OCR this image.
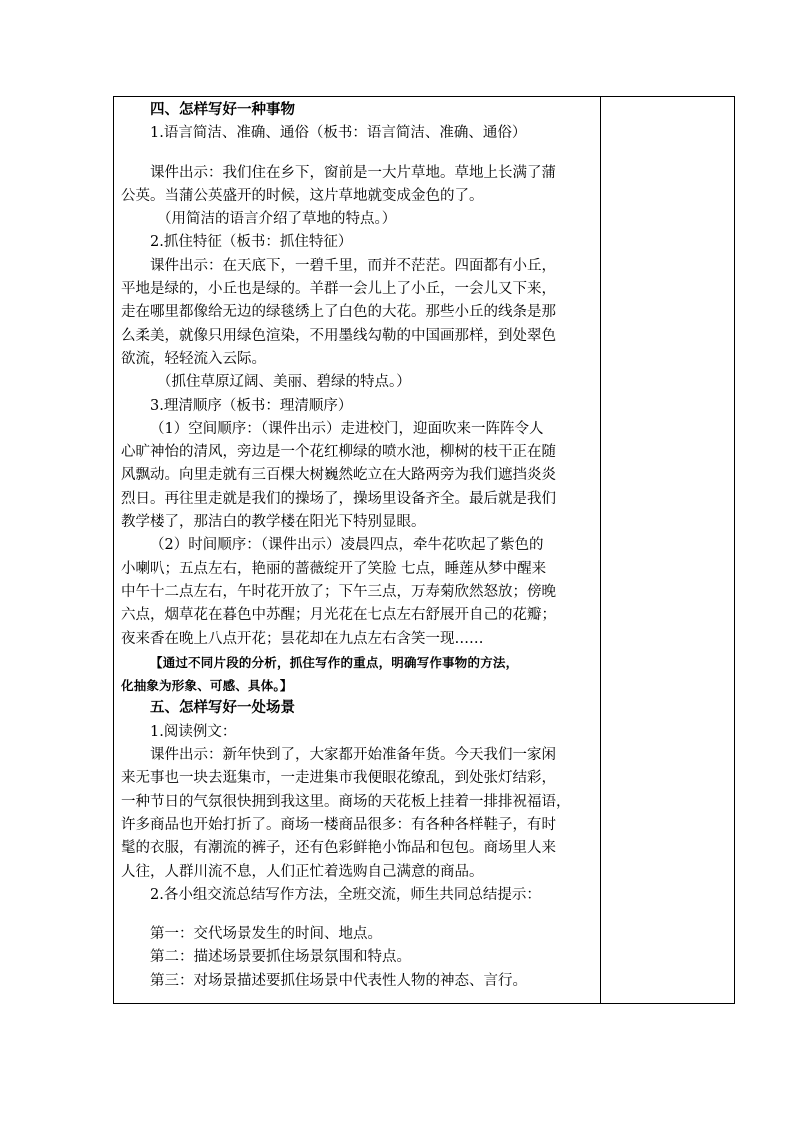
四、怎样写好一种事物
1.语言简洁、准确、通俗（板书：语言简洁、准确、通俗）
课件出示：我们住在乡下，窗前是一大片草地。草地上长满了蒲
公英。当蒲公英盛开的时候，这片草地就变成金色的了。
（用简洁的语言介绍了草地的特点。）
2.抓住特征（板书：抓住特征）
课件出示：在天底下，一碧千里，而并不茫茫。四面都有小丘，
平地是绿的，小丘也是绿的。羊群一会儿上了小丘，一会儿又下来，
走在哪里都像给无边的绿毯绣上了白色的大花。那些小丘的线条是那
么柔美，就像只用绿色渲染，不用墨线勾勒的中国画那样，到处翠色
欲流，轻轻流入云际。
（抓住草原辽阔、美丽、碧绿的特点。）
3.理清顺序（板书：理清顺序）
（1）空间顺序：（课件出示）走进校门，迎面吹来一阵阵令人
心旷神怡的清风，旁边是一个花红柳绿的喷水池，柳树的枝干正在随
风飘动。向里走就有三百棵大树巍然屹立在大路两旁为我们遮挡炎炎
烈日。再往里走就是我们的操场了，操场里设备齐全。最后就是我们
教学楼了，那洁白的教学楼在阳光下特别显眼。
（2）时间顺序：（课件出示）凌晨四点，牵牛花吹起了紫色的
小喇叭；五点左右，艳丽的蔷薇绽开了笑脸 七点，睡莲从梦中醒来
中午十二点左右，午时花开放了；下午三点，万寿菊欣然怒放；傍晚
六点，烟草花在暮色中苏醒；月光花在七点左右舒展开自己的花瓣；
夜来香在晚上八点开花；昙花却在九点左右含笑一现……
【通过不同片段的分析，抓住写作的重点，明确写作事物的方法，
化抽象为形象、可感、具体。】
五、怎样写好一处场景
1.阅读例文：
课件出示：新年快到了，大家都开始准备年货。今天我们一家闲
来无事也一块去逛集市，一走进集市我便眼花缭乱，到处张灯结彩，
一种节日的气氛很快拥到我这里。商场的天花板上挂着一排排祝福语，
许多商品也开始打折了。商场一楼商品很多：有各种各样鞋子，有时
髦的衣服，有潮流的裤子，还有色彩鲜艳小饰品和包包。商场里人来
人往，人群川流不息，人们正忙着选购自己满意的商品。
2.各小组交流总结写作方法，全班交流，师生共同总结提示：
第一：交代场景发生的时间、地点。
第二：描述场景要抓住场景氛围和特点。
第三：对场景描述要抓住场景中代表性人物的神态、言行。
